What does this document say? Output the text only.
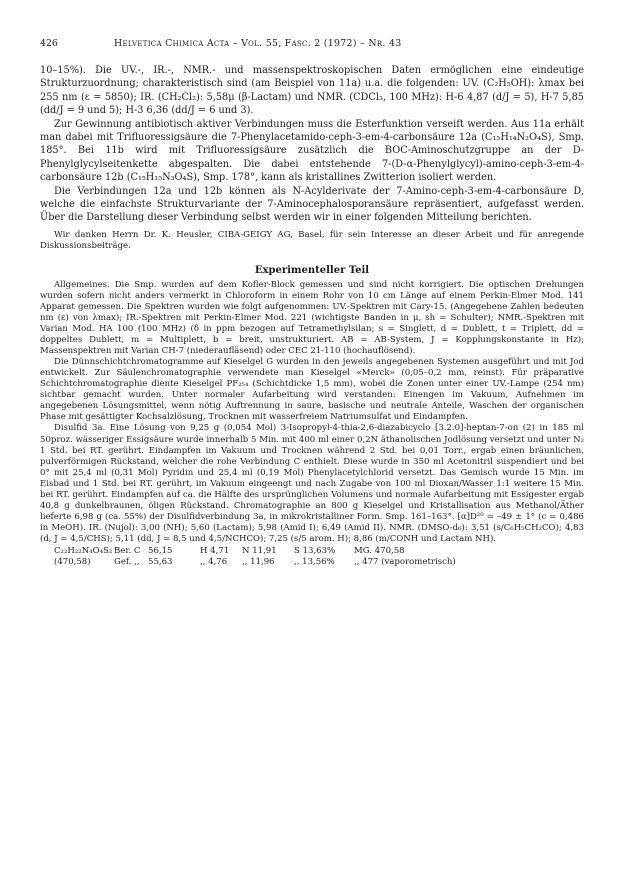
426	Helvetica Chimica Acta – Vol. 55, Fasc. 2 (1972) – Nr. 43

10–15%). Die UV.-, IR.-, NMR.- und massenspektroskopischen Daten ermöglichen eine eindeutige Strukturzuordnung; charakteristisch sind (am Beispiel von 11a) u.a. die folgenden: UV. (C₂H₅OH): λmax bei 255 nm (ε = 5850); IR. (CH₂Cl₂): 5,58μ (β-Lactam) und NMR. (CDCl₃, 100 MHz): H-6 4,87 (d/J = 5), H-7 5,85 (dd/J = 9 und 5); H-3 6,36 (dd/J = 6 und 3).

Zur Gewinnung antibiotisch aktiver Verbindungen muss die Esterfunktion verseift werden. Aus 11a erhält man dabei mit Trifluoressigsäure die 7-Phenylacetamido-ceph-3-em-4-carbonsäure 12a (C₁₅H₁₄N₂O₄S), Smp. 185°. Bei 11b wird mit Trifluoressigsäure zusätzlich die BOC-Aminoschutzgruppe an der D-Phenylglycylseitenkette abgespalten. Die dabei entstehende 7-(D-α-Phenylglycyl)-amino-ceph-3-em-4-carbonsäure 12b (C₁₅H₁₅N₃O₄S), Smp. 178°, kann als kristallines Zwitterion isoliert werden.

Die Verbindungen 12a und 12b können als N-Acylderivate der 7-Amino-ceph-3-em-4-carbonsäure D, welche die einfachste Strukturvariante der 7-Aminocephalosporansäure repräsentiert, aufgefasst werden. Über die Darstellung dieser Verbindung selbst werden wir in einer folgenden Mitteilung berichten.

Wir danken Herrn Dr. K. Heusler, CIBA-GEIGY AG, Basel, für sein Interesse an dieser Arbeit und für anregende Diskussionsbeiträge.
Experimenteller Teil

Allgemeines. Die Smp. wurden auf dem Kofler-Block gemessen und sind nicht korrigiert. Die optischen Drehungen wurden sofern nicht anders vermerkt in Chloroform in einem Rohr von 10 cm Länge auf einem Perkin-Elmer Mod. 141 Apparat gemessen. Die Spektren wurden wie folgt aufgenommen: UV.-Spektren mit Cary-15. (Angegebene Zahlen bedeuten nm (ε) von λmax); IR.-Spektren mit Perkin-Elmer Mod. 221 (wichtigste Banden in μ, sh = Schulter); NMR.-Spektren mit Varian Mod. HA 100 (100 MHz) (δ in ppm bezogen auf Tetramethylsilan; s = Singlett, d = Dublett, t = Triplett, dd = doppeltes Dublett, m = Multiplett, b = breit, unstrukturiert. AB = AB-System, J = Kopplungskonstante in Hz); Massenspektren mit Varian CH-7 (niederaufläsend) oder CEC 21-110 (hochauflösend).

Die Dünnschichtchromatogramme auf Kieselgel G wurden in den jeweils angegebenen Systemen ausgeführt und mit Jod entwickelt. Zur Säulenchromatographie verwendete man Kieselgel «Merck» (0,05–0,2 mm, reinst). Für präparative Schichtchromatographie diente Kieselgel PF₂₅₄ (Schichtdicke 1,5 mm), wobei die Zonen unter einer UV.-Lampe (254 nm) sichtbar gemacht wurden. Unter normaler Aufarbeitung wird verstanden: Einengen im Vakuum, Aufnehmen im angegebenen Lösungsmittel, wenn nötig Auftrennung in saure, basische und neutrale Anteile, Waschen der organischen Phase mit gesättigter Kochsalzlösung, Trocknen mit wasserfreiem Natriumsulfat und Eindampfen.

Disulfid 3a. Eine Lösung von 9,25 g (0,054 Mol) 3-Isopropyl-4-thia-2,6-diazabicyclo [3.2.0]-heptan-7-on (2) in 185 ml 50proz. wässeriger Essigsäure wurde innerhalb 5 Min. mit 400 ml einer 0,2N äthanolischen Jodlösung versetzt und unter N₂ 1 Std. bei RT. gerührt. Eindampfen im Vakuum und Trocknen während 2 Std. bei 0,01 Torr., ergab einen bräunlichen, pulverförmigen Rückstand, welcher die rohe Verbindung C enthielt. Diese wurde in 350 ml Acetonitril suspendiert und bei 0° mit 25,4 ml (0,31 Mol) Pyridin und 25,4 ml (0,19 Mol) Phenylacetylchlorid versetzt. Das Gemisch wurde 15 Min. im Eisbad und 1 Std. bei RT. gerührt, im Vakuum eingeengt und nach Zugabe von 100 ml Dioxan/Wasser 1:1 weitere 15 Min. bei RT. gerührt. Eindampfen auf ca. die Hälfte des ursprünglichen Volumens und normale Aufarbeitung mit Essigester ergab 40,8 g dunkelbraunen, öligen Rückstand. Chromatographie an 800 g Kieselgel und Kristallisation aus Methanol/Äther lieferte 6,98 g (ca. 55%) der Disulfidverbindung 3a, in mikrokristalliner Form. Smp. 161–163°. [α]D²⁰ = –49 ± 1° (c = 0,486 in MeOH). IR. (Nujol): 3,00 (NH); 5,60 (Lactam); 5,98 (Amid I); 6,49 (Amid II). NMR. (DMSO-d₆): 3,51 (s/C₆H₅CH₂CO); 4,83 (d, J = 4,5/CHS); 5,11 (dd, J = 8,5 und 4,5/NCHCO); 7,25 (s/5 arom. H); 8,86 (m/CONH und Lactam NH).

C₂₂H₂₂N₄O₄S₂ Ber. C 56,15	H 4,71	N 11,91	S 13,63%	MG. 470,58
(470,58)	Gef. ,, 55,63	,, 4,76	,, 11,96	,, 13,56%	,, 477 (vaporometrisch)
